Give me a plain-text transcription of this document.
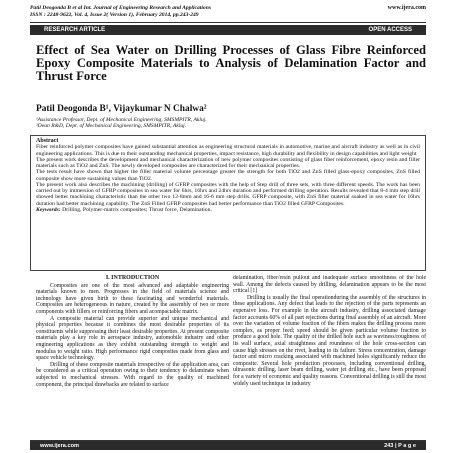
Patil Deogonda B et al Int. Journal of Engineering Research and Applications
ISSN : 2248-9622, Vol. 4, Issue 2( Version 1), February 2014, pp.243-249
www.ijera.com
RESEARCH ARTICLE	OPEN ACCESS
Effect of Sea Water on Drilling Processes of Glass Fibre Reinforced Epoxy Composite Materials to Analysis of Delamination Factor and Thrust Force
Patil Deogonda B¹, Vijaykumar N Chalwa²
¹Assistance Professor, Dept. of Mechanical Engineering, SMSMPITR, Akluj.
²Dean R&D, Dept. of Mechanical Engineering, SMSMPITR, Akluj.

Abstract

Fiber reinforced polymer composites have gained substantial attention as engineering structural materials in automotive, marine and aircraft industry as well as in civil engineering applications. This is due to their outstanding mechanical properties, impact resistance, high durability and flexibility in design capabilities and light weight

The present work describes the development and mechanical characterization of new polymer composites consisting of glass fiber reinforcement, epoxy resin and filler materials such as TiO2 and ZnS. The newly developed composites are characterized for their mechanical properties.

The tests result have shown that higher the filler material volume percentage greater the strength for both TiO2 and ZnS filled glass-epoxy composites, ZnS filled composite show more sustaining values than TiO2.

The present work also describes the machining (drilling) of GFRP composites with the help of Step drill of three sets, with three different speeds. The work has been carried out by immersion of GFRP composites in sea water for 6hrs, 16hrs and 24hrs duration and performed drilling operation. Results revealed that 8-4 mm step drill showed better machining characteristic than the other two 12-8mm and 16-6 mm step drills. GFRP composite, with ZnS filler material soaked in sea water for 16hrs duration had better machining capability. The ZnS Filled GFRP composites had better performance than TiO2 filled GFRP Composites.

Keywords: Drilling, Polymer-matrix composites; Thrust force, Delamination.

I. INTRODUCTION

Composites are one of the most advanced and adaptable engineering materials known to men. Progresses in the field of materials science and technology have given birth to these fascinating and wonderful materials. Composites are heterogeneous in nature, created by the assembly of two or more components with fillers or reinforcing fibers and acompactable matrix.

A composite material can provide superior and unique mechanical and physical properties because it combines the most desirable properties of its constituents while suppressing their least desirable properties. At present composite materials play a key role in aerospace industry, automobile industry and other engineering applications as they exhibit outstanding strength to weight and modulus to weight ratio. High performance rigid composites made from glass and space vehicle technology.

Drilling of these composite materials irrespective of the application area, can be considered as a critical operation owing to their tendency to delaminate when subjected to mechanical stresses. With regard to the quality of machined component, the principal drawbacks are related to surface

delamination, fiber/resin pullout and inadequate surface smoothness of the hole wall. Among the defects caused by drilling, delamination appears to be the most critical [1]

Drilling is usually the final operationduring the assembly of the structures in these applications. Any defect that leads to the rejection of the parts represents an expensive loss. For example in the aircraft industry, drilling associated damage factor accounts 60% of all part rejections during final assembly of an aircraft. More over the variation of volume fraction of the fibers makes the drilling process more complex, as proper feed; speed should be given particular volume fraction to produce a good hole. The quality of the drilled hole such as waviness/roughness of its wall surface, axial straightness and roundness of the hole cross-section can cause high stresses on the rivet, leading to its failure. Stress concentration, damage factor and micro cracking associated with machined holes significantly reduce the composite. Several hole production processes, including conventional drilling, ultrasonic drilling, laser beam drilling, water jet drilling etc., have been proposed for a variety of economic and quality reasons. Conventional drilling is still the most widely used technique in industry

www.ijera.com	243 | P a g e
